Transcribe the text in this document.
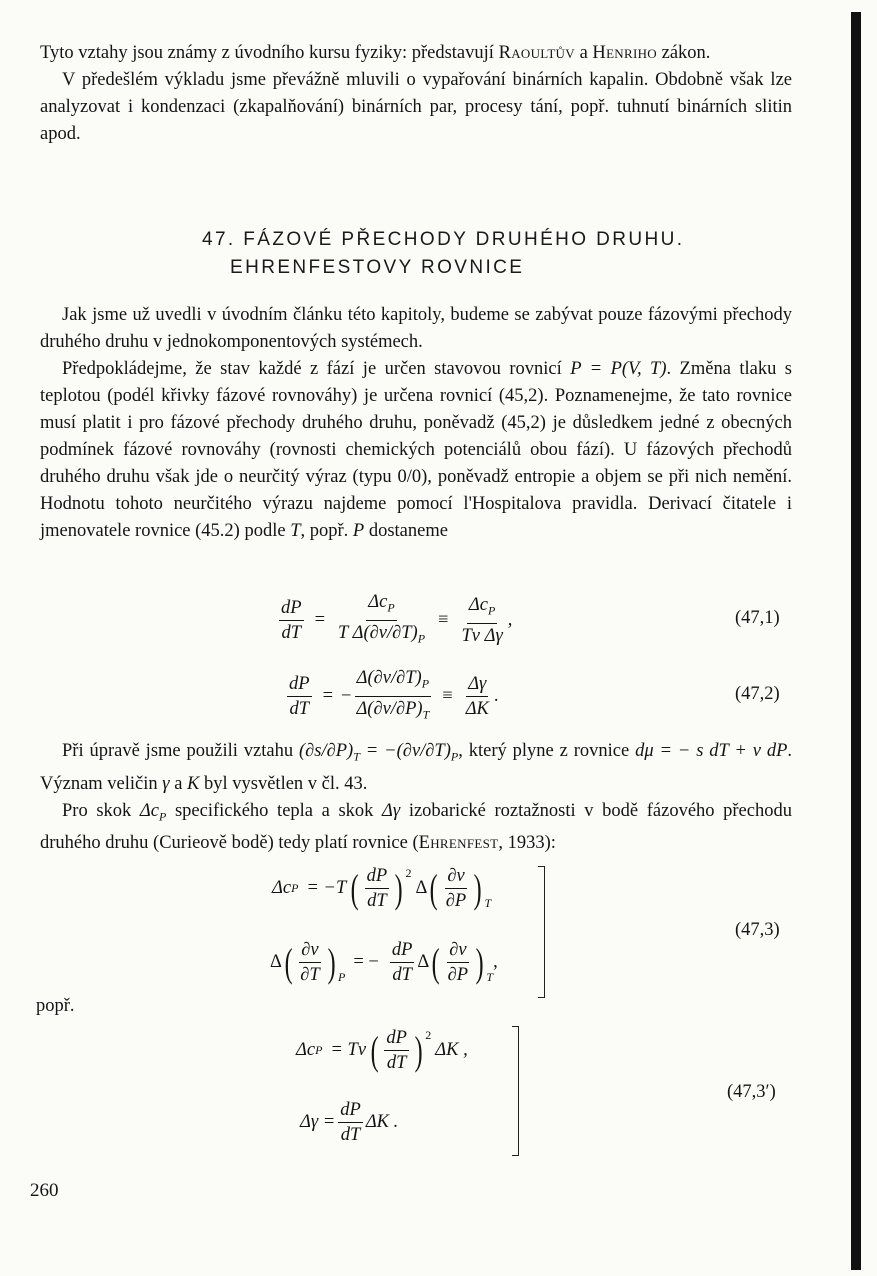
Tyto vztahy jsou známy z úvodního kursu fyziky: představují Raoultův a Henriho zákon.

V předešlém výkladu jsme převážně mluvili o vypařování binárních kapalin. Obdobně však lze analyzovat i kondenzaci (zkapalňování) binárních par, procesy tání, popř. tuhnutí binárních slitin apod.

47. FÁZOVÉ PŘECHODY DRUHÉHO DRUHU.
EHRENFESTOVY ROVNICE

Jak jsme už uvedli v úvodním článku této kapitoly, budeme se zabývat pouze fázovými přechody druhého druhu v jednokomponentových systémech.

Předpokládejme, že stav každé z fází je určen stavovou rovnicí P = P(V, T). Změna tlaku s teplotou (podél křivky fázové rovnováhy) je určena rovnicí (45,2). Poznamenejme, že tato rovnice musí platit i pro fázové přechody druhého druhu, poněvadž (45,2) je důsledkem jedné z obecných podmínek fázové rovnováhy (rovnosti chemických potenciálů obou fází). U fázových přechodů druhého druhu však jde o neurčitý výraz (typu 0/0), poněvadž entropie a objem se při nich nemění. Hodnotu tohoto neurčitého výrazu najdeme pomocí l'Hospitalova pravidla. Derivací čitatele i jmenovatele rovnice (45.2) podle T, popř. P dostaneme

$\frac{dP}{dT} = \frac{\Delta c_P}{T \Delta(\partial v/\partial T)_P} \equiv \frac{\Delta c_P}{\text{Tv Δγ}}$ ,	(47,1)
$\frac{dP}{dT}$ = − $\frac{\Delta(\partial v/\partial T)_P}{\Delta(\partial v/\partial P)_T} \equiv \frac{\Delta\gamma}{\Delta K}$ .	(47,2)

Při úpravě jsme použili vztahu $(\partial s/\partial P)_T = -(\partial v/\partial T)_P$, který plyne z rovnice dμ = − s dT + v dP. Význam veličin γ a K byl vysvětlen v čl. 43.

Pro skok $\Delta c_P$ specifického tepla a skok Δγ izobarické roztažnosti v bodě fázového přechodu druhého druhu (Curieově bodě) tedy platí rovnice (Ehrenfest, 1933):

Δc P = −T ( $\frac{dP}{dT} )^2$
Δ ( $\frac{\partial v}{\partial P}$ ) $_T$
Δ ( $\frac{\partial v}{\partial T}$ ) $_P$
= − $\frac{dP}{dT}$ Δ ( $\frac{\partial v}{\partial P}$ ) $_T$
,
(47,3)
popř.
Δc P = Tv ( $\frac{dP}{dT} )^2$
ΔK ,
$\Delta\gamma = \frac{dP}{dT}$ ΔK .
(47,3′)
260
